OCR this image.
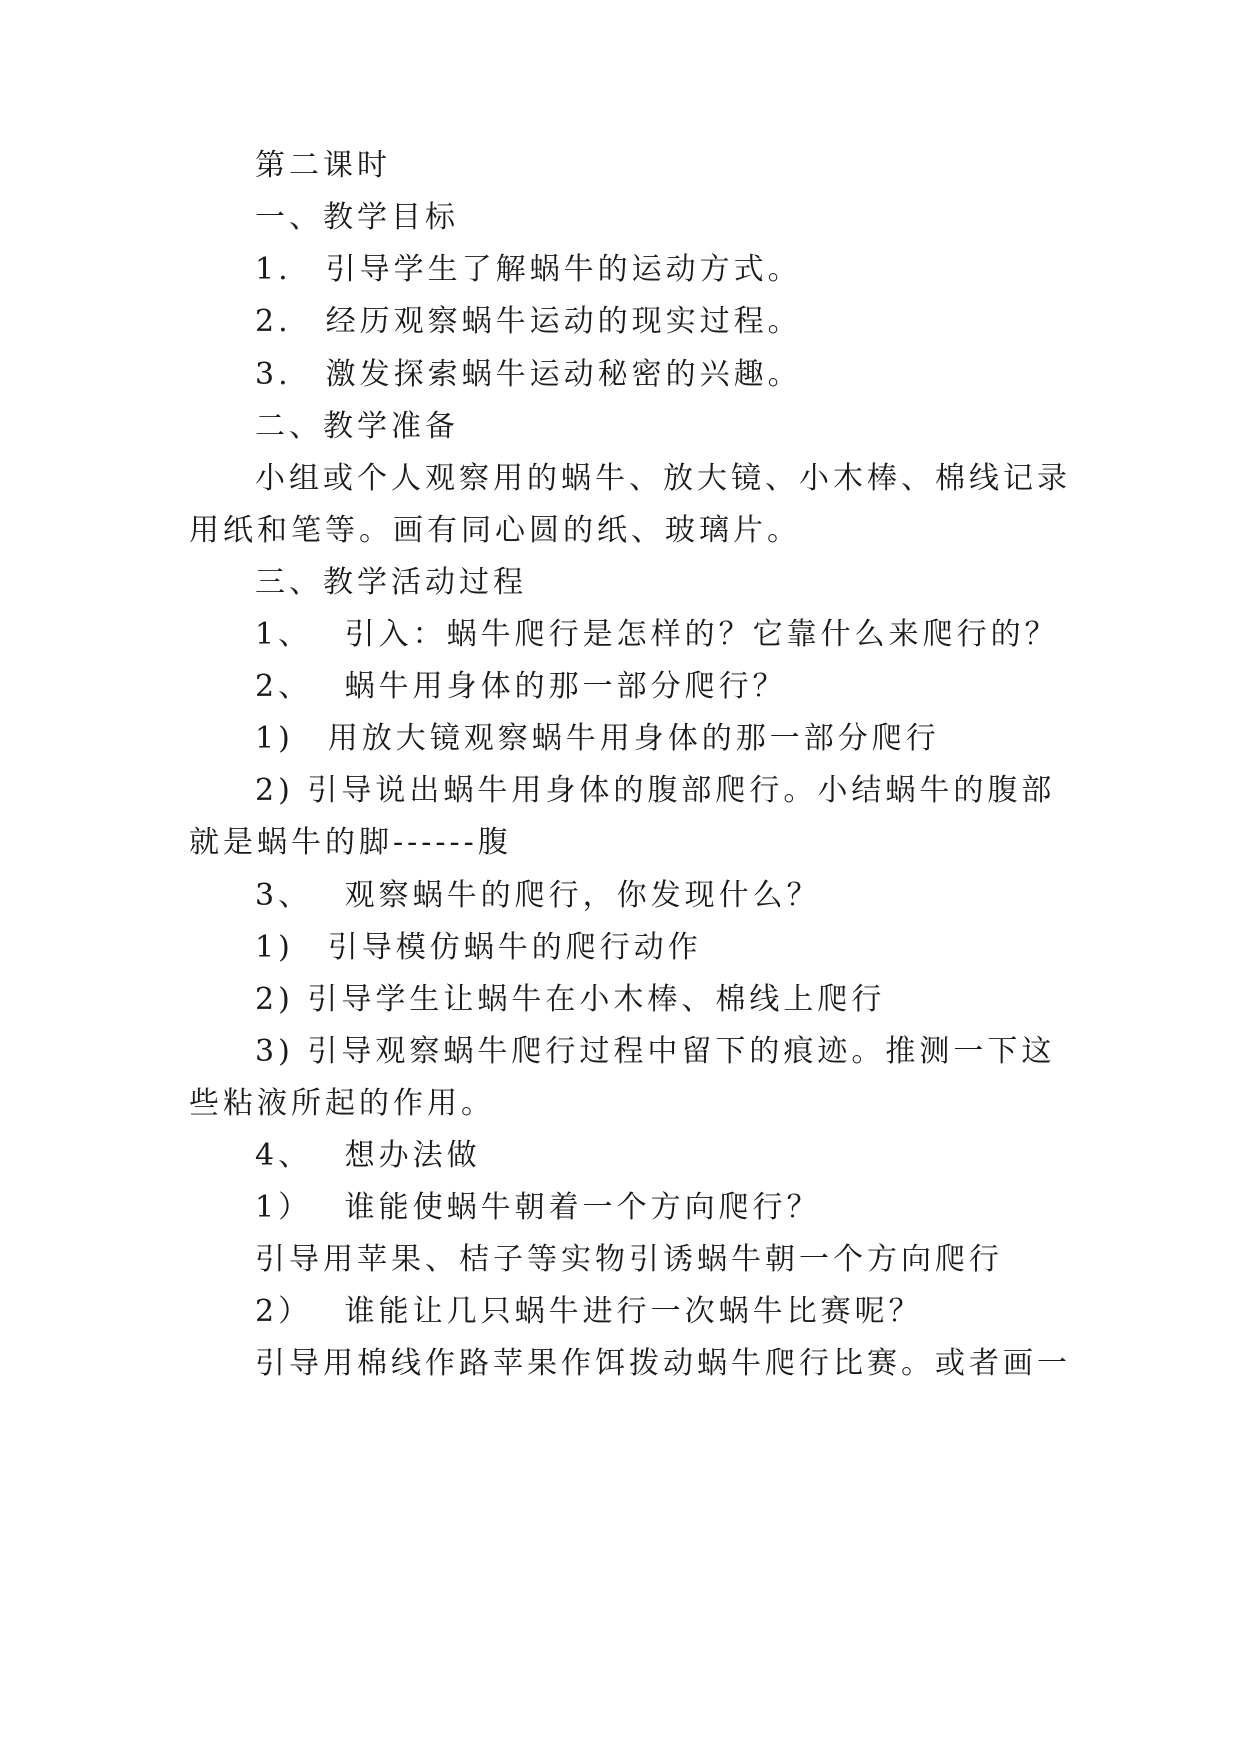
第二课时
一、教学目标
1.　引导学生了解蜗牛的运动方式。
2.　经历观察蜗牛运动的现实过程。
3.　激发探索蜗牛运动秘密的兴趣。
二、教学准备
小组或个人观察用的蜗牛、放大镜、小木棒、棉线记录
用纸和笔等。画有同心圆的纸、玻璃片。
三、教学活动过程
1、　 引入：蜗牛爬行是怎样的？它靠什么来爬行的？
2、　 蜗牛用身体的那一部分爬行？
1)　用放大镜观察蜗牛用身体的那一部分爬行
2) 引导说出蜗牛用身体的腹部爬行。小结蜗牛的腹部
就是蜗牛的脚------腹
3、　 观察蜗牛的爬行，你发现什么？
1)　引导模仿蜗牛的爬行动作
2) 引导学生让蜗牛在小木棒、棉线上爬行
3) 引导观察蜗牛爬行过程中留下的痕迹。推测一下这
些粘液所起的作用。
4、　 想办法做
1）　 谁能使蜗牛朝着一个方向爬行？
引导用苹果、桔子等实物引诱蜗牛朝一个方向爬行
2）　 谁能让几只蜗牛进行一次蜗牛比赛呢？
引导用棉线作路苹果作饵拨动蜗牛爬行比赛。或者画一
